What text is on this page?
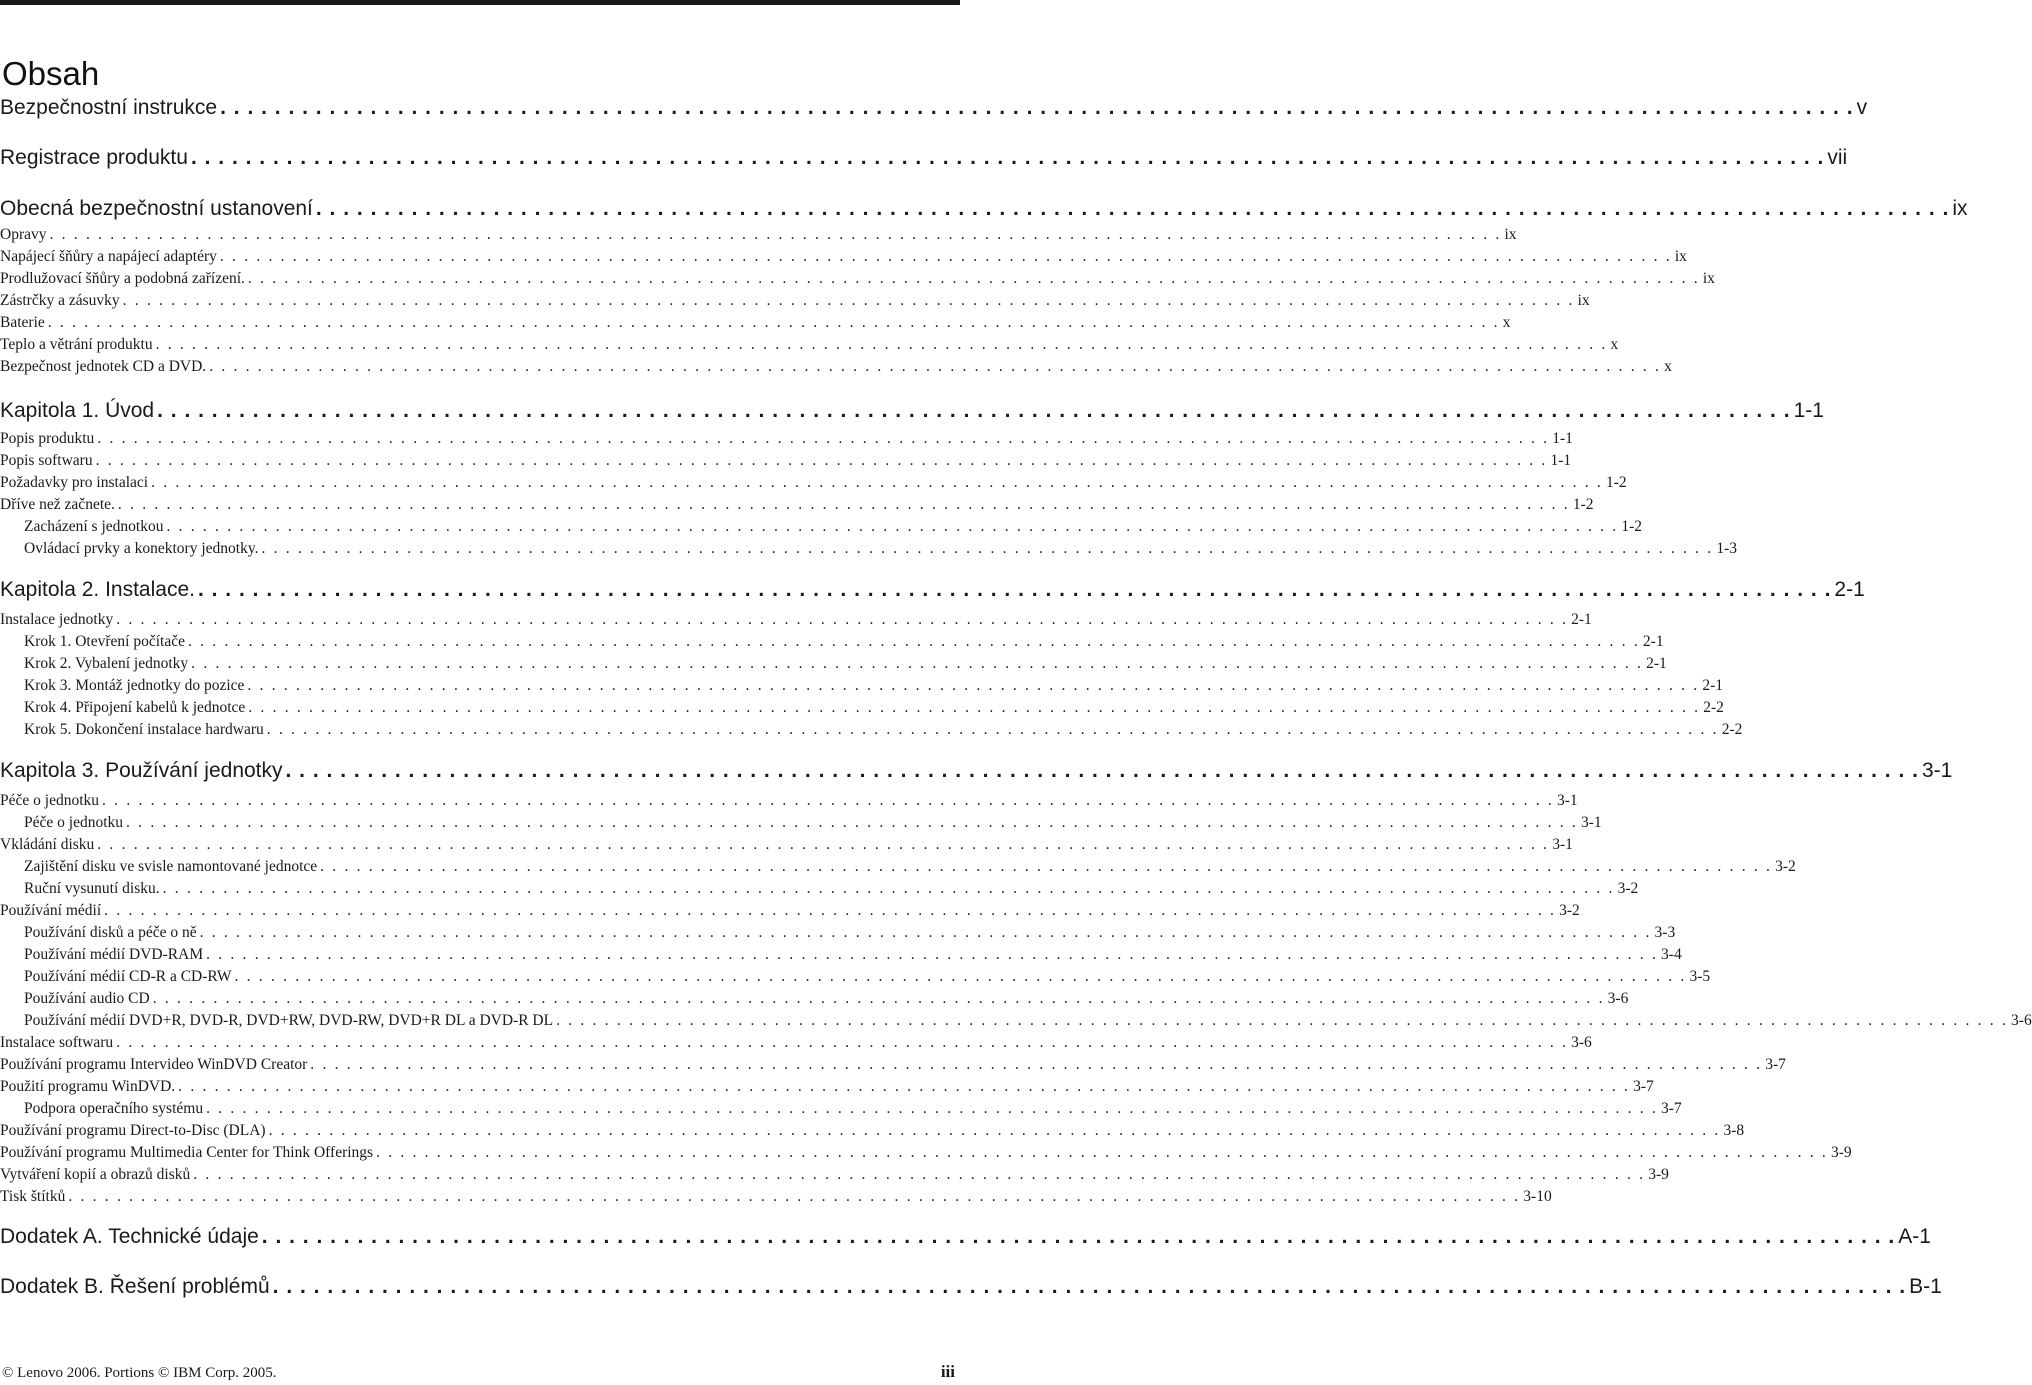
Obsah
Bezpečnostní instrukce . . . . . . . . . . . . . . . . . . . . . . . . . . . . . . . . . . . . . . . . . . . . . . . . . . . . . . . . . . . . . . . . . . . . . . . . . . . . . . . . . . . . . . . . . . . . . . . . . . . . . . . . . . . . . . . . . . . . . . . . v
Registrace produktu . . . . . . . . . . . . . . . . . . . . . . . . . . . . . . . . . . . . . . . . . . . . . . . . . . . . . . . . . . . . . . . . . . . . . . . . . . . . . . . . . . . . . . . . . . . . . . . . . . . . . . . . . . . . . . . . . . . . . . . . vii
Obecná bezpečnostní ustanovení . . . . . . . . . . . . . . . . . . . . . . . . . . . . . . . . . . . . . . . . . . . . . . . . . . . . . . . . . . . . . . . . . . . . . . . . . . . . . . . . . . . . . . . . . . . . . . . . . . . . . . . . . . . . . . . . . . . . . . . . ix
Opravy . . . . . . . . . . . . . . . . . . . . . . . . . . . . . . . . . . . . . . . . . . . . . . . . . . . . . . . . . . . . . . . . . . . . . . . . . . . . . . . . . . . . . . . . . . . . . . . . . . . . . . . . . . . . . . . . . . . . . . . . ix
Napájecí šňůry a napájecí adaptéry . . . . . . . . . . . . . . . . . . . . . . . . . . . . . . . . . . . . . . . . . . . . . . . . . . . . . . . . . . . . . . . . . . . . . . . . . . . . . . . . . . . . . . . . . . . . . . . . . . . . . . . . . . . . . . . . . . . . . . . . ix
Prodlužovací šňůry a podobná zařízení. . . . . . . . . . . . . . . . . . . . . . . . . . . . . . . . . . . . . . . . . . . . . . . . . . . . . . . . . . . . . . . . . . . . . . . . . . . . . . . . . . . . . . . . . . . . . . . . . . . . . . . . . . . . . . . . . . . . . . . . . ix
Zástrčky a zásuvky . . . . . . . . . . . . . . . . . . . . . . . . . . . . . . . . . . . . . . . . . . . . . . . . . . . . . . . . . . . . . . . . . . . . . . . . . . . . . . . . . . . . . . . . . . . . . . . . . . . . . . . . . . . . . . . . . . . . . . . . ix
Baterie . . . . . . . . . . . . . . . . . . . . . . . . . . . . . . . . . . . . . . . . . . . . . . . . . . . . . . . . . . . . . . . . . . . . . . . . . . . . . . . . . . . . . . . . . . . . . . . . . . . . . . . . . . . . . . . . . . . . . . . . x
Teplo a větrání produktu . . . . . . . . . . . . . . . . . . . . . . . . . . . . . . . . . . . . . . . . . . . . . . . . . . . . . . . . . . . . . . . . . . . . . . . . . . . . . . . . . . . . . . . . . . . . . . . . . . . . . . . . . . . . . . . . . . . . . . . . x
Bezpečnost jednotek CD a DVD. . . . . . . . . . . . . . . . . . . . . . . . . . . . . . . . . . . . . . . . . . . . . . . . . . . . . . . . . . . . . . . . . . . . . . . . . . . . . . . . . . . . . . . . . . . . . . . . . . . . . . . . . . . . . . . . . . . . . . . . . x
Kapitola 1. Úvod . . . . . . . . . . . . . . . . . . . . . . . . . . . . . . . . . . . . . . . . . . . . . . . . . . . . . . . . . . . . . . . . . . . . . . . . . . . . . . . . . . . . . . . . . . . . . . . . . . . . . . . . . . . . . . . . . . . . . . . . 1-1
Popis produktu . . . . . . . . . . . . . . . . . . . . . . . . . . . . . . . . . . . . . . . . . . . . . . . . . . . . . . . . . . . . . . . . . . . . . . . . . . . . . . . . . . . . . . . . . . . . . . . . . . . . . . . . . . . . . . . . . . . . . . . . 1-1
Popis softwaru . . . . . . . . . . . . . . . . . . . . . . . . . . . . . . . . . . . . . . . . . . . . . . . . . . . . . . . . . . . . . . . . . . . . . . . . . . . . . . . . . . . . . . . . . . . . . . . . . . . . . . . . . . . . . . . . . . . . . . . . 1-1
Požadavky pro instalaci . . . . . . . . . . . . . . . . . . . . . . . . . . . . . . . . . . . . . . . . . . . . . . . . . . . . . . . . . . . . . . . . . . . . . . . . . . . . . . . . . . . . . . . . . . . . . . . . . . . . . . . . . . . . . . . . . . . . . . . . 1-2
Dříve než začnete. . . . . . . . . . . . . . . . . . . . . . . . . . . . . . . . . . . . . . . . . . . . . . . . . . . . . . . . . . . . . . . . . . . . . . . . . . . . . . . . . . . . . . . . . . . . . . . . . . . . . . . . . . . . . . . . . . . . . . . . . 1-2
Zacházení s jednotkou . . . . . . . . . . . . . . . . . . . . . . . . . . . . . . . . . . . . . . . . . . . . . . . . . . . . . . . . . . . . . . . . . . . . . . . . . . . . . . . . . . . . . . . . . . . . . . . . . . . . . . . . . . . . . . . . . . . . . . . . 1-2
Ovládací prvky a konektory jednotky. . . . . . . . . . . . . . . . . . . . . . . . . . . . . . . . . . . . . . . . . . . . . . . . . . . . . . . . . . . . . . . . . . . . . . . . . . . . . . . . . . . . . . . . . . . . . . . . . . . . . . . . . . . . . . . . . . . . . . . . . 1-3
Kapitola 2. Instalace. . . . . . . . . . . . . . . . . . . . . . . . . . . . . . . . . . . . . . . . . . . . . . . . . . . . . . . . . . . . . . . . . . . . . . . . . . . . . . . . . . . . . . . . . . . . . . . . . . . . . . . . . . . . . . . . . . . . . . . . . 2-1
Instalace jednotky . . . . . . . . . . . . . . . . . . . . . . . . . . . . . . . . . . . . . . . . . . . . . . . . . . . . . . . . . . . . . . . . . . . . . . . . . . . . . . . . . . . . . . . . . . . . . . . . . . . . . . . . . . . . . . . . . . . . . . . . 2-1
Krok 1. Otevření počítače . . . . . . . . . . . . . . . . . . . . . . . . . . . . . . . . . . . . . . . . . . . . . . . . . . . . . . . . . . . . . . . . . . . . . . . . . . . . . . . . . . . . . . . . . . . . . . . . . . . . . . . . . . . . . . . . . . . . . . . . 2-1
Krok 2. Vybalení jednotky . . . . . . . . . . . . . . . . . . . . . . . . . . . . . . . . . . . . . . . . . . . . . . . . . . . . . . . . . . . . . . . . . . . . . . . . . . . . . . . . . . . . . . . . . . . . . . . . . . . . . . . . . . . . . . . . . . . . . . . . 2-1
Krok 3. Montáž jednotky do pozice . . . . . . . . . . . . . . . . . . . . . . . . . . . . . . . . . . . . . . . . . . . . . . . . . . . . . . . . . . . . . . . . . . . . . . . . . . . . . . . . . . . . . . . . . . . . . . . . . . . . . . . . . . . . . . . . . . . . . . . . 2-1
Krok 4. Připojení kabelů k jednotce . . . . . . . . . . . . . . . . . . . . . . . . . . . . . . . . . . . . . . . . . . . . . . . . . . . . . . . . . . . . . . . . . . . . . . . . . . . . . . . . . . . . . . . . . . . . . . . . . . . . . . . . . . . . . . . . . . . . . . . . 2-2
Krok 5. Dokončení instalace hardwaru . . . . . . . . . . . . . . . . . . . . . . . . . . . . . . . . . . . . . . . . . . . . . . . . . . . . . . . . . . . . . . . . . . . . . . . . . . . . . . . . . . . . . . . . . . . . . . . . . . . . . . . . . . . . . . . . . . . . . . . . 2-2
Kapitola 3. Používání jednotky . . . . . . . . . . . . . . . . . . . . . . . . . . . . . . . . . . . . . . . . . . . . . . . . . . . . . . . . . . . . . . . . . . . . . . . . . . . . . . . . . . . . . . . . . . . . . . . . . . . . . . . . . . . . . . . . . . . . . . . . 3-1
Péče o jednotku . . . . . . . . . . . . . . . . . . . . . . . . . . . . . . . . . . . . . . . . . . . . . . . . . . . . . . . . . . . . . . . . . . . . . . . . . . . . . . . . . . . . . . . . . . . . . . . . . . . . . . . . . . . . . . . . . . . . . . . . 3-1
Péče o jednotku . . . . . . . . . . . . . . . . . . . . . . . . . . . . . . . . . . . . . . . . . . . . . . . . . . . . . . . . . . . . . . . . . . . . . . . . . . . . . . . . . . . . . . . . . . . . . . . . . . . . . . . . . . . . . . . . . . . . . . . . 3-1
Vkládání disku . . . . . . . . . . . . . . . . . . . . . . . . . . . . . . . . . . . . . . . . . . . . . . . . . . . . . . . . . . . . . . . . . . . . . . . . . . . . . . . . . . . . . . . . . . . . . . . . . . . . . . . . . . . . . . . . . . . . . . . . 3-1
Zajištění disku ve svisle namontované jednotce . . . . . . . . . . . . . . . . . . . . . . . . . . . . . . . . . . . . . . . . . . . . . . . . . . . . . . . . . . . . . . . . . . . . . . . . . . . . . . . . . . . . . . . . . . . . . . . . . . . . . . . . . . . . . . . . . . . . . . . . 3-2
Ruční vysunutí disku. . . . . . . . . . . . . . . . . . . . . . . . . . . . . . . . . . . . . . . . . . . . . . . . . . . . . . . . . . . . . . . . . . . . . . . . . . . . . . . . . . . . . . . . . . . . . . . . . . . . . . . . . . . . . . . . . . . . . . . . . 3-2
Používání médií . . . . . . . . . . . . . . . . . . . . . . . . . . . . . . . . . . . . . . . . . . . . . . . . . . . . . . . . . . . . . . . . . . . . . . . . . . . . . . . . . . . . . . . . . . . . . . . . . . . . . . . . . . . . . . . . . . . . . . . . 3-2
Používání disků a péče o ně . . . . . . . . . . . . . . . . . . . . . . . . . . . . . . . . . . . . . . . . . . . . . . . . . . . . . . . . . . . . . . . . . . . . . . . . . . . . . . . . . . . . . . . . . . . . . . . . . . . . . . . . . . . . . . . . . . . . . . . . 3-3
Používání médií DVD-RAM . . . . . . . . . . . . . . . . . . . . . . . . . . . . . . . . . . . . . . . . . . . . . . . . . . . . . . . . . . . . . . . . . . . . . . . . . . . . . . . . . . . . . . . . . . . . . . . . . . . . . . . . . . . . . . . . . . . . . . . . 3-4
Používání médií CD-R a CD-RW . . . . . . . . . . . . . . . . . . . . . . . . . . . . . . . . . . . . . . . . . . . . . . . . . . . . . . . . . . . . . . . . . . . . . . . . . . . . . . . . . . . . . . . . . . . . . . . . . . . . . . . . . . . . . . . . . . . . . . . . 3-5
Používání audio CD . . . . . . . . . . . . . . . . . . . . . . . . . . . . . . . . . . . . . . . . . . . . . . . . . . . . . . . . . . . . . . . . . . . . . . . . . . . . . . . . . . . . . . . . . . . . . . . . . . . . . . . . . . . . . . . . . . . . . . . . 3-6
Používání médií DVD+R, DVD-R, DVD+RW, DVD-RW, DVD+R DL a DVD-R DL . . . . . . . . . . . . . . . . . . . . . . . . . . . . . . . . . . . . . . . . . . . . . . . . . . . . . . . . . . . . . . . . . . . . . . . . . . . . . . . . . . . . . . . . . . . . . . . . . . . . . . . . . . . . . . . . . . . . . . . . 3-6
Instalace softwaru . . . . . . . . . . . . . . . . . . . . . . . . . . . . . . . . . . . . . . . . . . . . . . . . . . . . . . . . . . . . . . . . . . . . . . . . . . . . . . . . . . . . . . . . . . . . . . . . . . . . . . . . . . . . . . . . . . . . . . . . 3-6
Používání programu Intervideo WinDVD Creator . . . . . . . . . . . . . . . . . . . . . . . . . . . . . . . . . . . . . . . . . . . . . . . . . . . . . . . . . . . . . . . . . . . . . . . . . . . . . . . . . . . . . . . . . . . . . . . . . . . . . . . . . . . . . . . . . . . . . . . . 3-7
Použití programu WinDVD. . . . . . . . . . . . . . . . . . . . . . . . . . . . . . . . . . . . . . . . . . . . . . . . . . . . . . . . . . . . . . . . . . . . . . . . . . . . . . . . . . . . . . . . . . . . . . . . . . . . . . . . . . . . . . . . . . . . . . . . . 3-7
Podpora operačního systému . . . . . . . . . . . . . . . . . . . . . . . . . . . . . . . . . . . . . . . . . . . . . . . . . . . . . . . . . . . . . . . . . . . . . . . . . . . . . . . . . . . . . . . . . . . . . . . . . . . . . . . . . . . . . . . . . . . . . . . . 3-7
Používání programu Direct-to-Disc (DLA) . . . . . . . . . . . . . . . . . . . . . . . . . . . . . . . . . . . . . . . . . . . . . . . . . . . . . . . . . . . . . . . . . . . . . . . . . . . . . . . . . . . . . . . . . . . . . . . . . . . . . . . . . . . . . . . . . . . . . . . . 3-8
Používání programu Multimedia Center for Think Offerings . . . . . . . . . . . . . . . . . . . . . . . . . . . . . . . . . . . . . . . . . . . . . . . . . . . . . . . . . . . . . . . . . . . . . . . . . . . . . . . . . . . . . . . . . . . . . . . . . . . . . . . . . . . . . . . . . . . . . . . . 3-9
Vytváření kopií a obrazů disků . . . . . . . . . . . . . . . . . . . . . . . . . . . . . . . . . . . . . . . . . . . . . . . . . . . . . . . . . . . . . . . . . . . . . . . . . . . . . . . . . . . . . . . . . . . . . . . . . . . . . . . . . . . . . . . . . . . . . . . . 3-9
Tisk štítků . . . . . . . . . . . . . . . . . . . . . . . . . . . . . . . . . . . . . . . . . . . . . . . . . . . . . . . . . . . . . . . . . . . . . . . . . . . . . . . . . . . . . . . . . . . . . . . . . . . . . . . . . . . . . . . . . . . . . . . . 3-10
Dodatek A. Technické údaje . . . . . . . . . . . . . . . . . . . . . . . . . . . . . . . . . . . . . . . . . . . . . . . . . . . . . . . . . . . . . . . . . . . . . . . . . . . . . . . . . . . . . . . . . . . . . . . . . . . . . . . . . . . . . . . . . . . . . . . . A-1
Dodatek B. Řešení problémů . . . . . . . . . . . . . . . . . . . . . . . . . . . . . . . . . . . . . . . . . . . . . . . . . . . . . . . . . . . . . . . . . . . . . . . . . . . . . . . . . . . . . . . . . . . . . . . . . . . . . . . . . . . . . . . . . . . . . . . . B-1
© Lenovo 2006. Portions © IBM Corp. 2005.	iii
